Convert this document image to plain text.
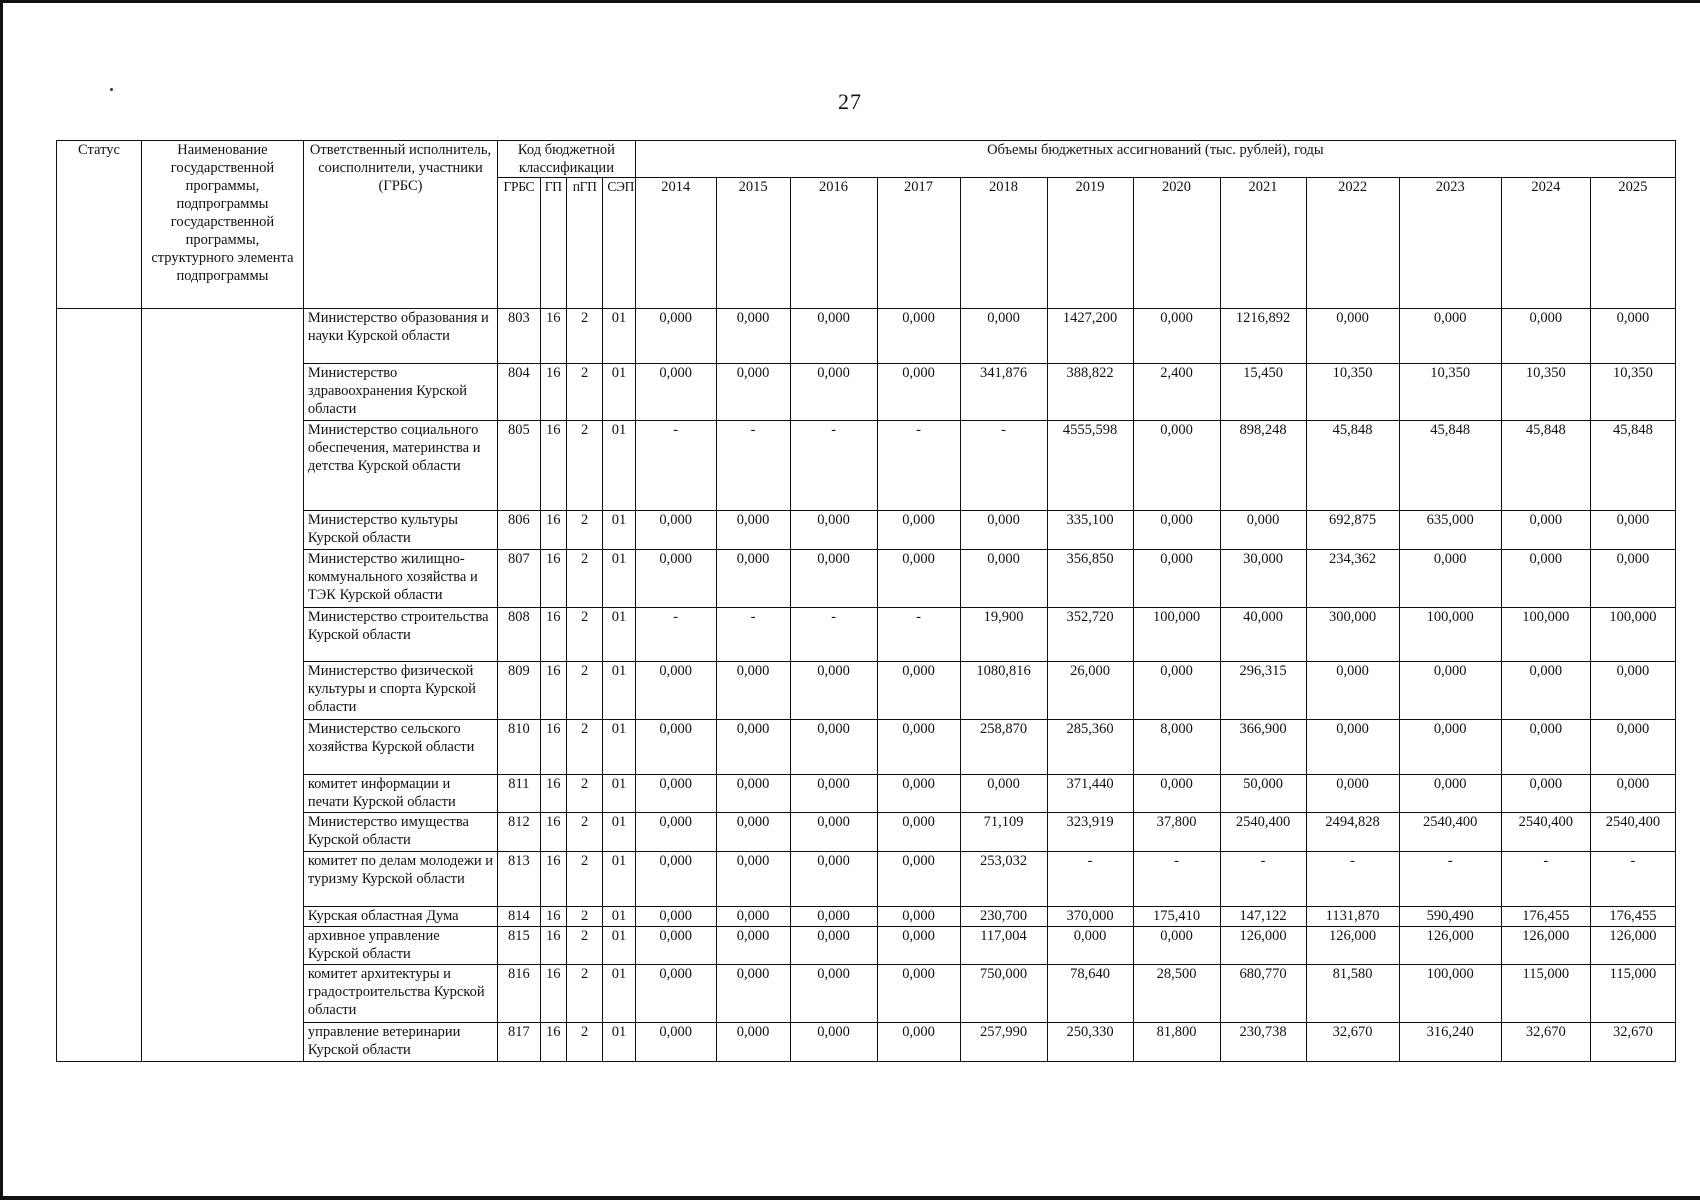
27
Статус	Наименование государственной программы, подпрограммы государственной программы, структурного элемента подпрограммы	Ответственный исполнитель, соисполнители, участники (ГРБС)	Код бюджетной классификации				Объемы бюджетных ассигнований (тыс. рублей), годы											
			ГРБС	ГП	пГП	СЭП	2014	2015	2016	2017	2018	2019	2020	2021	2022	2023	2024	2025
		Министерство образования и науки Курской области	803	16	2	01	0,000	0,000	0,000	0,000	0,000	1427,200	0,000	1216,892	0,000	0,000	0,000	0,000
		Министерство здравоохранения Курской области	804	16	2	01	0,000	0,000	0,000	0,000	341,876	388,822	2,400	15,450	10,350	10,350	10,350	10,350
		Министерство социального обеспечения, материнства и детства Курской области	805	16	2	01	-	-	-	-	-	4555,598	0,000	898,248	45,848	45,848	45,848	45,848
		Министерство культуры Курской области	806	16	2	01	0,000	0,000	0,000	0,000	0,000	335,100	0,000	0,000	692,875	635,000	0,000	0,000
		Министерство жилищно-коммунального хозяйства и ТЭК Курской области	807	16	2	01	0,000	0,000	0,000	0,000	0,000	356,850	0,000	30,000	234,362	0,000	0,000	0,000
		Министерство строительства Курской области	808	16	2	01	-	-	-	-	19,900	352,720	100,000	40,000	300,000	100,000	100,000	100,000
		Министерство физической культуры и спорта Курской области	809	16	2	01	0,000	0,000	0,000	0,000	1080,816	26,000	0,000	296,315	0,000	0,000	0,000	0,000
		Министерство сельского хозяйства Курской области	810	16	2	01	0,000	0,000	0,000	0,000	258,870	285,360	8,000	366,900	0,000	0,000	0,000	0,000
		комитет информации и печати Курской области	811	16	2	01	0,000	0,000	0,000	0,000	0,000	371,440	0,000	50,000	0,000	0,000	0,000	0,000
		Министерство имущества Курской области	812	16	2	01	0,000	0,000	0,000	0,000	71,109	323,919	37,800	2540,400	2494,828	2540,400	2540,400	2540,400
		комитет по делам молодежи и туризму Курской области	813	16	2	01	0,000	0,000	0,000	0,000	253,032	-	-	-	-	-	-	-
		Курская областная Дума	814	16	2	01	0,000	0,000	0,000	0,000	230,700	370,000	175,410	147,122	1131,870	590,490	176,455	176,455
		архивное управление Курской области	815	16	2	01	0,000	0,000	0,000	0,000	117,004	0,000	0,000	126,000	126,000	126,000	126,000	126,000
		комитет архитектуры и градостроительства Курской области	816	16	2	01	0,000	0,000	0,000	0,000	750,000	78,640	28,500	680,770	81,580	100,000	115,000	115,000
		управление ветеринарии Курской области	817	16	2	01	0,000	0,000	0,000	0,000	257,990	250,330	81,800	230,738	32,670	316,240	32,670	32,670
